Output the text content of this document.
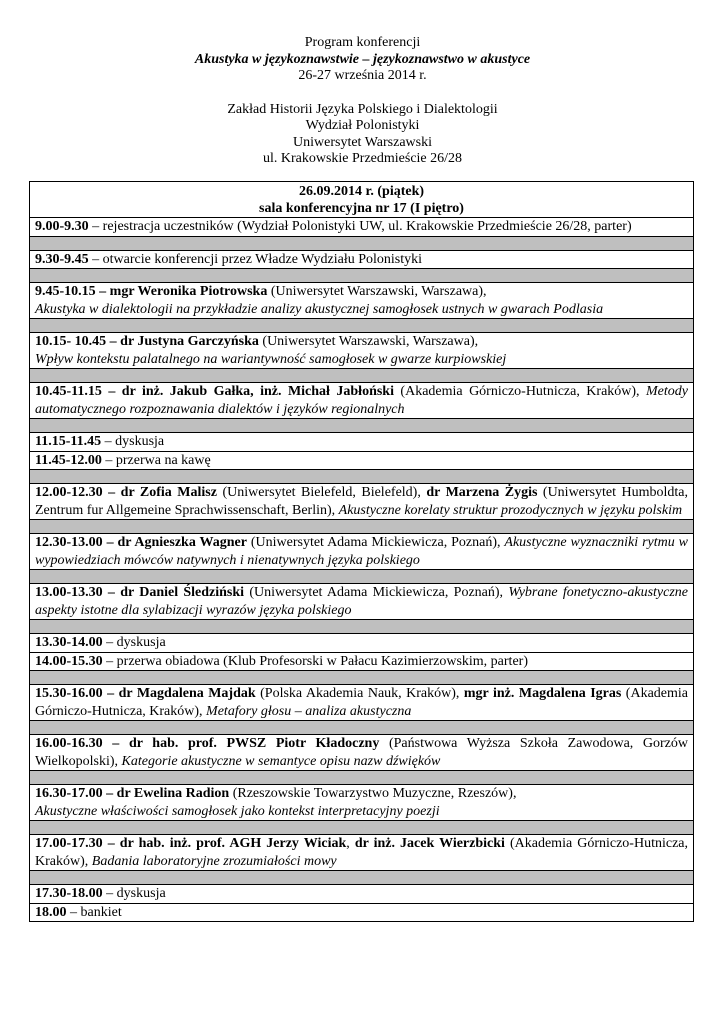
Program konferencji
Akustyka w językoznawstwie – językoznawstwo w akustyce
26-27 września 2014 r.
Zakład Historii Języka Polskiego i Dialektologii
Wydział Polonistyki
Uniwersytet Warszawski
ul. Krakowskie Przedmieście 26/28
26.09.2014 r. (piątek)
sala konferencyjna nr 17 (I piętro)

9.00-9.30 – rejestracja uczestników (Wydział Polonistyki UW, ul. Krakowskie Przedmieście 26/28, parter)

9.30-9.45 – otwarcie konferencji przez Władze Wydziału Polonistyki

9.45-10.15 – mgr Weronika Piotrowska (Uniwersytet Warszawski, Warszawa),
Akustyka w dialektologii na przykładzie analizy akustycznej samogłosek ustnych w gwarach Podlasia

10.15- 10.45 – dr Justyna Garczyńska (Uniwersytet Warszawski, Warszawa),
Wpływ kontekstu palatalnego na wariantywność samogłosek w gwarze kurpiowskiej

10.45-11.15 – dr inż. Jakub Gałka, inż. Michał Jabłoński (Akademia Górniczo-Hutnicza, Kraków), Metody automatycznego rozpoznawania dialektów i języków regionalnych

11.15-11.45 – dyskusja
11.45-12.00 – przerwa na kawę

12.00-12.30 – dr Zofia Malisz (Uniwersytet Bielefeld, Bielefeld), dr Marzena Żygis (Uniwersytet Humboldta, Zentrum fur Allgemeine Sprachwissenschaft, Berlin), Akustyczne korelaty struktur prozodycznych w języku polskim

12.30-13.00 – dr Agnieszka Wagner (Uniwersytet Adama Mickiewicza, Poznań), Akustyczne wyznaczniki rytmu w wypowiedziach mówców natywnych i nienatywnych języka polskiego

13.00-13.30 – dr Daniel Śledziński (Uniwersytet Adama Mickiewicza, Poznań), Wybrane fonetyczno-akustyczne aspekty istotne dla sylabizacji wyrazów języka polskiego

13.30-14.00 – dyskusja
14.00-15.30 – przerwa obiadowa (Klub Profesorski w Pałacu Kazimierzowskim, parter)

15.30-16.00 – dr Magdalena Majdak (Polska Akademia Nauk, Kraków), mgr inż. Magdalena Igras (Akademia Górniczo-Hutnicza, Kraków), Metafory głosu – analiza akustyczna

16.00-16.30 – dr hab. prof. PWSZ Piotr Kładoczny (Państwowa Wyższa Szkoła Zawodowa, Gorzów Wielkopolski), Kategorie akustyczne w semantyce opisu nazw dźwięków

16.30-17.00 – dr Ewelina Radion (Rzeszowskie Towarzystwo Muzyczne, Rzeszów),
Akustyczne właściwości samogłosek jako kontekst interpretacyjny poezji

17.00-17.30 – dr hab. inż. prof. AGH Jerzy Wiciak, dr inż. Jacek Wierzbicki (Akademia Górniczo-Hutnicza, Kraków), Badania laboratoryjne zrozumiałości mowy

17.30-18.00 – dyskusja
18.00 – bankiet
